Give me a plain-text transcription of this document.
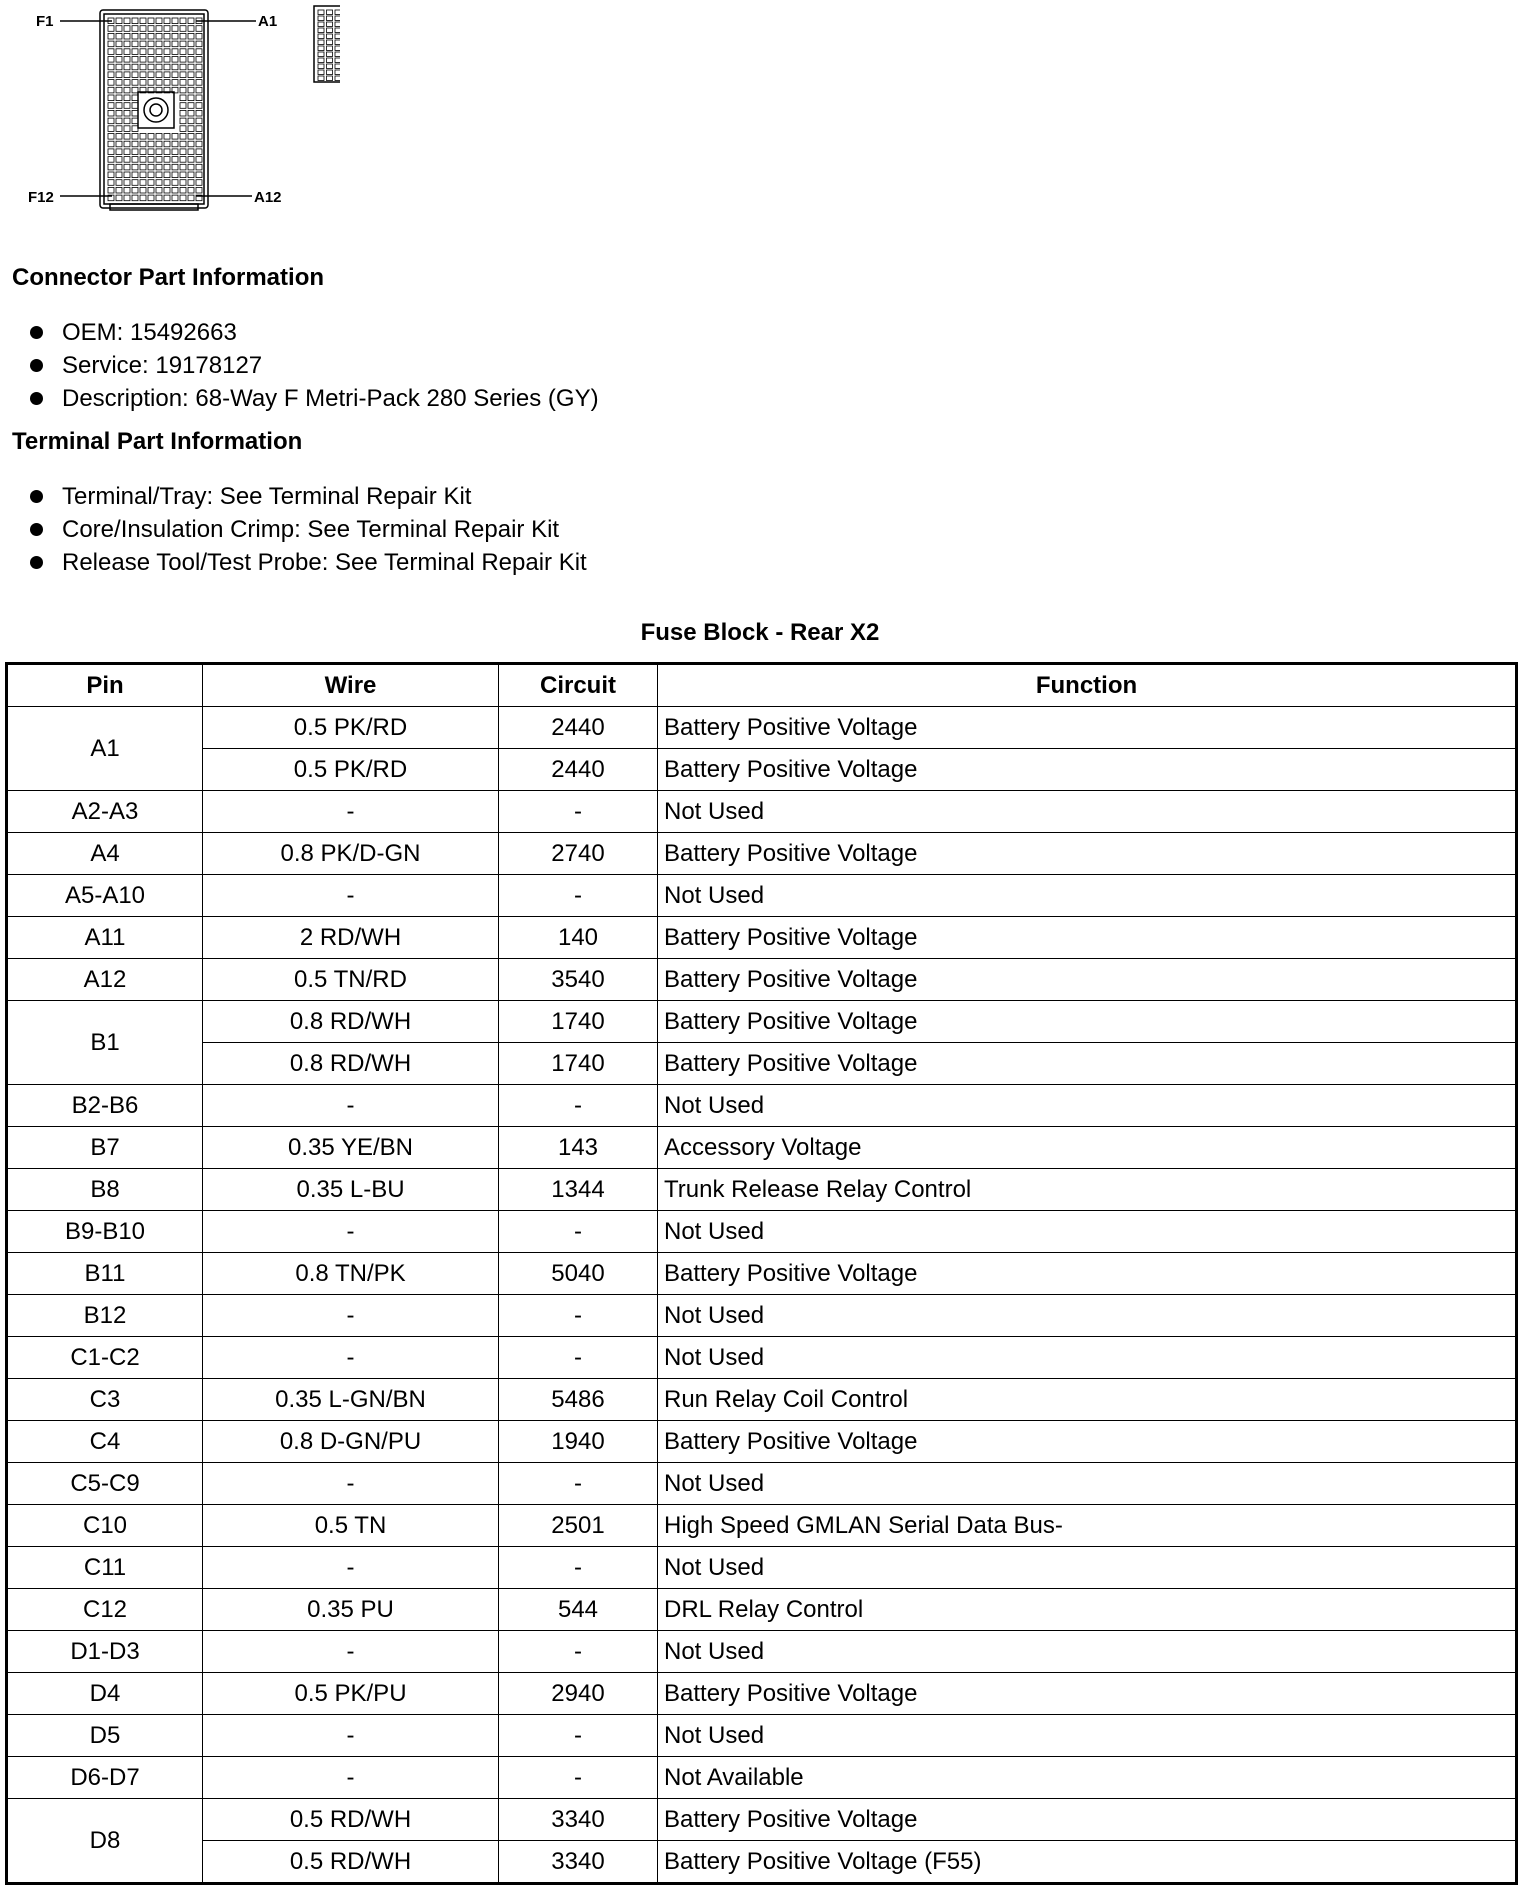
F1	A1
F12	A12
Connector Part Information
OEM: 15492663
Service: 19178127
Description: 68-Way F Metri-Pack 280 Series (GY)
Terminal Part Information
Terminal/Tray: See Terminal Repair Kit
Core/Insulation Crimp: See Terminal Repair Kit
Release Tool/Test Probe: See Terminal Repair Kit
Fuse Block - Rear X2
Pin	Wire	Circuit	Function
A1	0.5 PK/RD	2440	Battery Positive Voltage
	0.5 PK/RD	2440	Battery Positive Voltage
A2-A3	-	-	Not Used
A4	0.8 PK/D-GN	2740	Battery Positive Voltage
A5-A10	-	-	Not Used
A11	2 RD/WH	140	Battery Positive Voltage
A12	0.5 TN/RD	3540	Battery Positive Voltage
B1	0.8 RD/WH	1740	Battery Positive Voltage
	0.8 RD/WH	1740	Battery Positive Voltage
B2-B6	-	-	Not Used
B7	0.35 YE/BN	143	Accessory Voltage
B8	0.35 L-BU	1344	Trunk Release Relay Control
B9-B10	-	-	Not Used
B11	0.8 TN/PK	5040	Battery Positive Voltage
B12	-	-	Not Used
C1-C2	-	-	Not Used
C3	0.35 L-GN/BN	5486	Run Relay Coil Control
C4	0.8 D-GN/PU	1940	Battery Positive Voltage
C5-C9	-	-	Not Used
C10	0.5 TN	2501	High Speed GMLAN Serial Data Bus-
C11	-	-	Not Used
C12	0.35 PU	544	DRL Relay Control
D1-D3	-	-	Not Used
D4	0.5 PK/PU	2940	Battery Positive Voltage
D5	-	-	Not Used
D6-D7	-	-	Not Available
D8	0.5 RD/WH	3340	Battery Positive Voltage
	0.5 RD/WH	3340	Battery Positive Voltage (F55)
